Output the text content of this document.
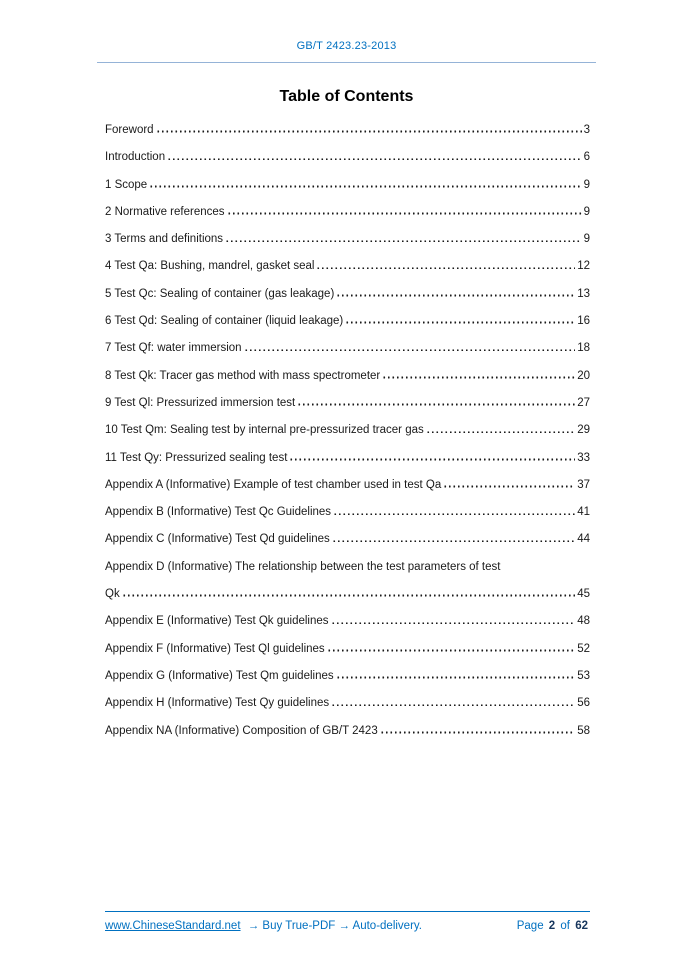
GB/T 2423.23-2013
Table of Contents
Foreword	3
Introduction	6
1 Scope	9
2 Normative references	9
3 Terms and definitions	9
4 Test Qa: Bushing, mandrel, gasket seal	12
5 Test Qc: Sealing of container (gas leakage)	13
6 Test Qd: Sealing of container (liquid leakage)	16
7 Test Qf: water immersion	18
8 Test Qk: Tracer gas method with mass spectrometer	20
9 Test Ql: Pressurized immersion test	27
10 Test Qm: Sealing test by internal pre-pressurized tracer gas	29
11 Test Qy: Pressurized sealing test	33
Appendix A (Informative) Example of test chamber used in test Qa	37
Appendix B (Informative) Test Qc Guidelines	41
Appendix C (Informative) Test Qd guidelines	44
Appendix D (Informative) The relationship between the test parameters of test
Qk	45
Appendix E (Informative) Test Qk guidelines	48
Appendix F (Informative) Test Ql guidelines	52
Appendix G (Informative) Test Qm guidelines	53
Appendix H (Informative) Test Qy guidelines	56
Appendix NA (Informative) Composition of GB/T 2423	58
www.ChineseStandard.net → Buy True-PDF → Auto-delivery.	Page 2 of 62
